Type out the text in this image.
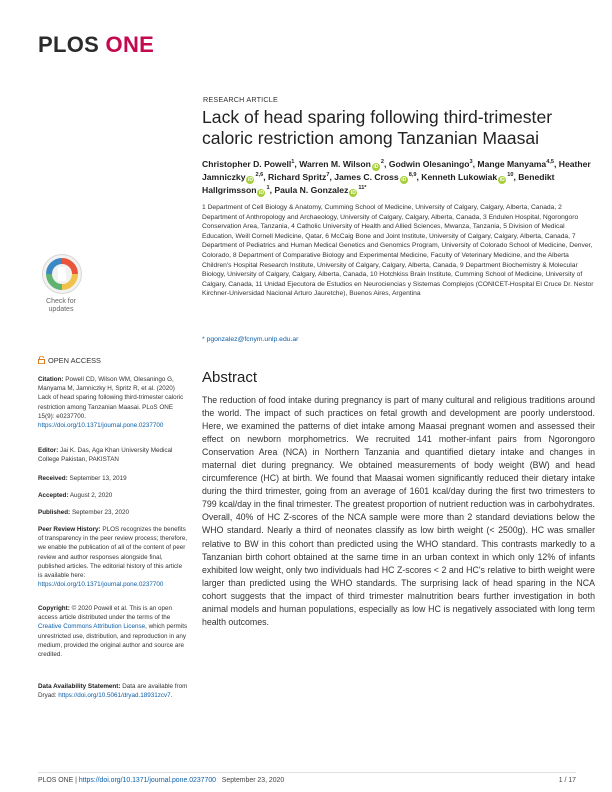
PLOS ONE
RESEARCH ARTICLE
Lack of head sparing following third-trimester caloric restriction among Tanzanian Maasai
Christopher D. Powell$^1$, Warren M. Wilson $iD^2$, Godwin Olesaningo$^3$, Mange Manyama$^{4,5}$, Heather Jamniczky iD$^{2,6}$, Richard Spritz$^7$, James C. Cross iD$^{8,9}$, Kenneth Lukowiak $iD^{10}$, Benedikt Hallgrimsson $iD^1$, Paula N. Gonzalez $iD^{11*}$
1 Department of Cell Biology & Anatomy, Cumming School of Medicine, University of Calgary, Calgary, Alberta, Canada, 2 Department of Anthropology and Archaeology, University of Calgary, Calgary, Alberta, Canada, 3 Endulen Hospital, Ngorongoro Conservation Area, Tanzania, 4 Catholic University of Health and Allied Sciences, Mwanza, Tanzania, 5 Division of Medical Education, Weill Cornell Medicine, Qatar, 6 McCaig Bone and Joint Institute, University of Calgary, Calgary, Alberta, Canada, 7 Department of Pediatrics and Human Medical Genetics and Genomics Program, University of Colorado School of Medicine, Denver, Colorado, 8 Department of Comparative Biology and Experimental Medicine, Faculty of Veterinary Medicine, and the Alberta Children's Hospital Research Institute, University of Calgary, Calgary, Alberta, Canada, 9 Department Biochemistry & Molecular Biology, University of Calgary, Calgary, Alberta, Canada, 10 Hotchkiss Brain Institute, Cumming School of Medicine, University of Calgary, Canada, 11 Unidad Ejecutora de Estudios en Neurociencias y Sistemas Complejos (CONICET-Hospital El Cruce Dr. Nestor Kirchner-Universidad Nacional Arturo Jauretche), Buenos Aires, Argentina
* pgonzalez@fcnym.unlp.edu.ar
Abstract
The reduction of food intake during pregnancy is part of many cultural and religious traditions around the world. The impact of such practices on fetal growth and development are poorly understood. Here, we examined the patterns of diet intake among Maasai pregnant women and assessed their effect on newborn morphometrics. We recruited 141 mother-infant pairs from Ngorongoro Conservation Area (NCA) in Northern Tanzania and quantified dietary intake and changes in maternal diet during pregnancy. We obtained measurements of body weight (BW) and head circumference (HC) at birth. We found that Maasai women significantly reduced their dietary intake during the third trimester, going from an average of 1601 kcal/day during the first two trimesters to 799 kcal/day in the final trimester. The greatest proportion of nutrient reduction was in carbohydrates. Overall, 40% of HC Z-scores of the NCA sample were more than 2 standard deviations below the WHO standard. Nearly a third of neonates classify as low birth weight (< 2500g). HC was smaller relative to BW in this cohort than predicted using the WHO standard. This contrasts markedly to a Tanzanian birth cohort obtained at the same time in an urban context in which only 12% of infants exhibited low weight, only two individuals had HC Z-scores < 2 and HC's relative to birth weight were larger than predicted using the WHO standards. The surprising lack of head sparing in the NCA cohort suggests that the impact of third trimester malnutrition bears further investigation in both animal models and human populations, especially as low HC is negatively associated with long term health outcomes.
Check for
updates
OPEN ACCESS
Citation: Powell CD, Wilson WM, Olesaningo G, Manyama M, Jamniczky H, Spritz R, et al. (2020) Lack of head sparing following third-trimester caloric restriction among Tanzanian Maasai. PLoS ONE 15(9): e0237700. https://doi.org/10.1371/journal.pone.0237700
Editor: Jai K. Das, Aga Khan University Medical College Pakistan, PAKISTAN
Received: September 13, 2019
Accepted: August 2, 2020
Published: September 23, 2020
Peer Review History: PLOS recognizes the benefits of transparency in the peer review process; therefore, we enable the publication of all of the content of peer review and author responses alongside final, published articles. The editorial history of this article is available here: https://doi.org/10.1371/journal.pone.0237700
Copyright: © 2020 Powell et al. This is an open access article distributed under the terms of the Creative Commons Attribution License, which permits unrestricted use, distribution, and reproduction in any medium, provided the original author and source are credited.
Data Availability Statement: Data are available from Dryad: https://doi.org/10.5061/dryad.18931zcv7.
PLOS ONE | https://doi.org/10.1371/journal.pone.0237700 September 23, 2020	1 / 17
